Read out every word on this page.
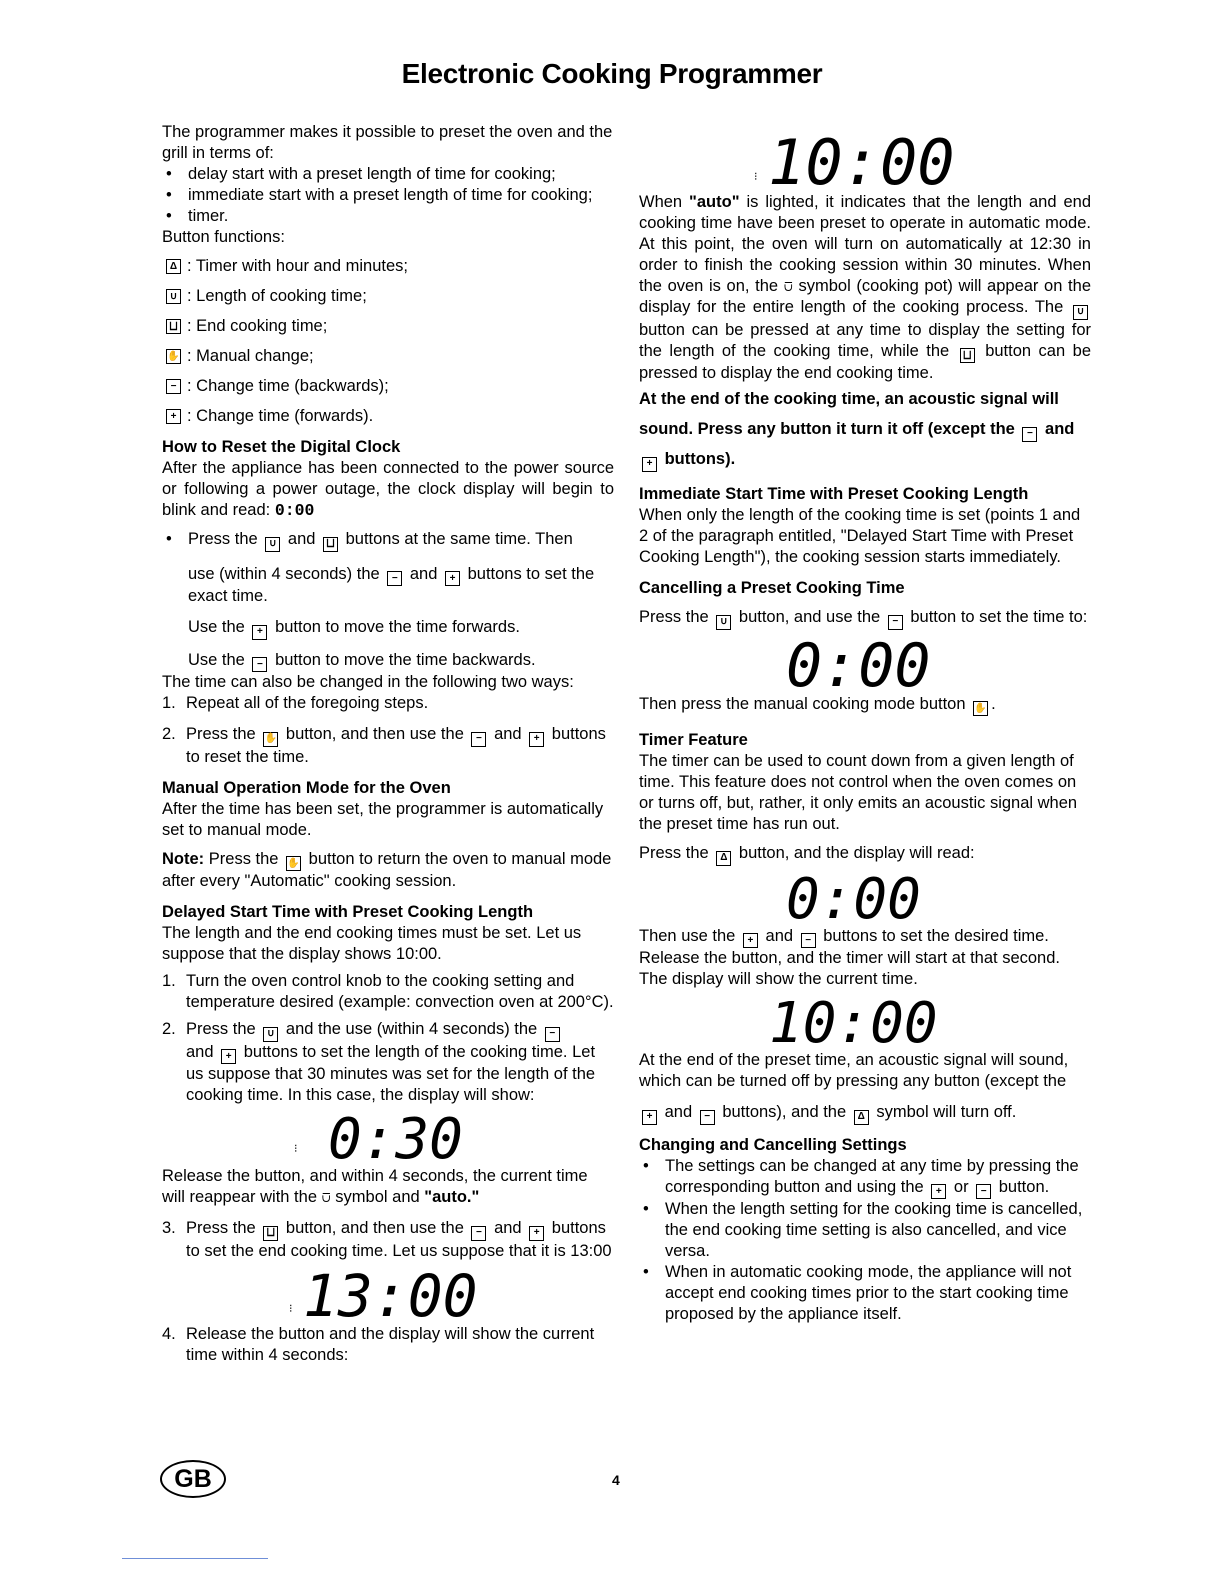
Electronic Cooking Programmer

The programmer makes it possible to preset the oven and the grill in terms of:

• delay start with a preset length of time for cooking;
• immediate start with a preset length of time for cooking;
• timer.

Button functions:

Δ : Timer with hour and minutes;
∪ : Length of cooking time;
⨆ : End cooking time;
✋ : Manual change;
− : Change time (backwards);
+ : Change time (forwards).

How to Reset the Digital Clock

After the appliance has been connected to the power source or following a power outage, the clock display will begin to blink and read: 0:00

• Press the ∪ and ⨆ buttons at the same time. Then
use (within 4 seconds) the − and + buttons to set the exact time.
Use the + button to move the time forwards.
Use the − button to move the time backwards.

The time can also be changed in the following two ways:

1. Repeat all of the foregoing steps.
2. Press the ✋ button, and then use the − and + buttons to reset the time.

Manual Operation Mode for the Oven

After the time has been set, the programmer is automatically set to manual mode.

Note: Press the ✋ button to return the oven to manual mode after every "Automatic" cooking session.

Delayed Start Time with Preset Cooking Length

The length and the end cooking times must be set. Let us suppose that the display shows 10:00.

1. Turn the oven control knob to the cooking setting and temperature desired (example: convection oven at 200°C).
2. Press the ∪ and the use (within 4 seconds) the −
and + buttons to set the length of the cooking time. Let us suppose that 30 minutes was set for the length of the cooking time. In this case, the display will show:
⁝ 0:30

Release the button, and within 4 seconds, the current time will reappear with the ⩂ symbol and "auto."

3. Press the ⨆ button, and then use the − and + buttons to set the end cooking time. Let us suppose that it is 13:00
⁝ 13:00
4. Release the button and the display will show the current time within 4 seconds:
⁝ 10:00

When "auto" is lighted, it indicates that the length and end cooking time have been preset to operate in automatic mode. At this point, the oven will turn on automatically at 12:30 in order to finish the cooking session within 30 minutes. When the oven is on, the ⩂ symbol (cooking pot) will appear on the display for the entire length of the cooking process. The ∪ button can be pressed at any time to display the setting for the length of the cooking time, while the ⨆ button can be pressed to display the end cooking time.

At the end of the cooking time, an acoustic signal will sound. Press any button it turn it off (except the − and + buttons).

Immediate Start Time with Preset Cooking Length

When only the length of the cooking time is set (points 1 and 2 of the paragraph entitled, "Delayed Start Time with Preset Cooking Length"), the cooking session starts immediately.

Cancelling a Preset Cooking Time

Press the ∪ button, and use the − button to set the time to:

0:00

Then press the manual cooking mode button ✋ .

Timer Feature

The timer can be used to count down from a given length of time. This feature does not control when the oven comes on or turns off, but, rather, it only emits an acoustic signal when the preset time has run out.

Press the Δ button, and the display will read:

0:00

Then use the + and − buttons to set the desired time. Release the button, and the timer will start at that second. The display will show the current time.

10:00

At the end of the preset time, an acoustic signal will sound, which can be turned off by pressing any button (except the

+ and − buttons), and the Δ symbol will turn off.

Changing and Cancelling Settings

• The settings can be changed at any time by pressing the corresponding button and using the + or − button.
• When the length setting for the cooking time is cancelled, the end cooking time setting is also cancelled, and vice versa.
• When in automatic cooking mode, the appliance will not accept end cooking times prior to the start cooking time proposed by the appliance itself.
GB	4
